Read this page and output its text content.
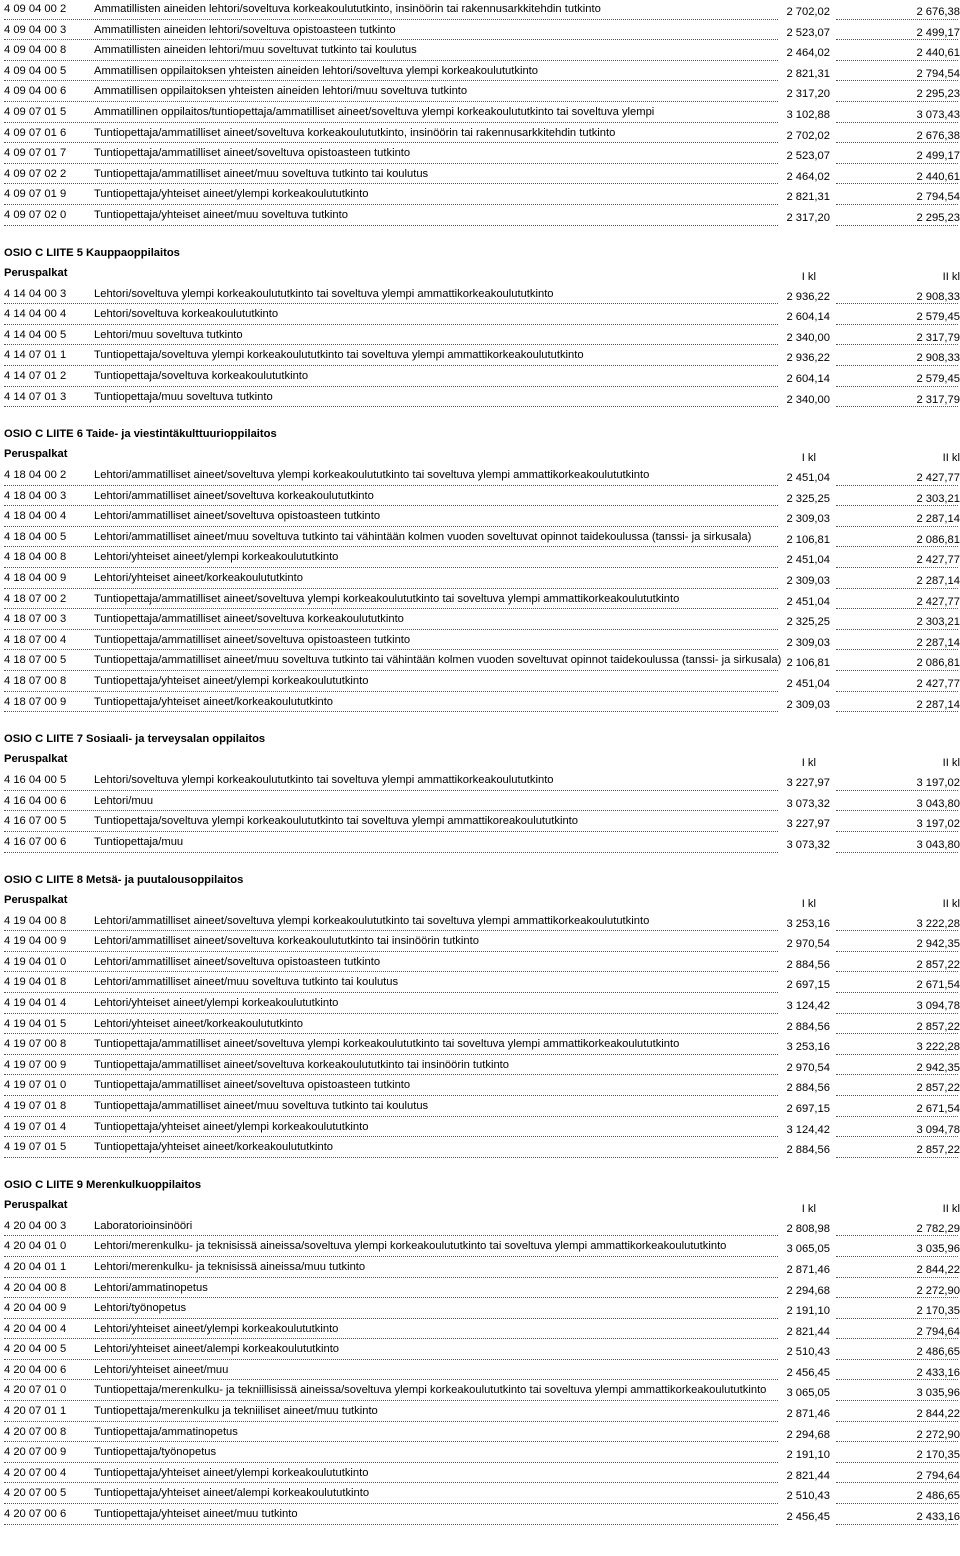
4 09 04 00 2 Ammatillisten aineiden lehtori/soveltuva korkeakoulututkinto, insinöörin tai rakennusarkkitehdin tutkinto	2 702,02	2 676,38
4 09 04 00 3 Ammatillisten aineiden lehtori/soveltuva opistoasteen tutkinto	2 523,07	2 499,17
4 09 04 00 8 Ammatillisten aineiden lehtori/muu soveltuvat tutkinto tai koulutus	2 464,02	2 440,61
4 09 04 00 5 Ammatillisen oppilaitoksen yhteisten aineiden lehtori/soveltuva ylempi korkeakoulututkinto	2 821,31	2 794,54
4 09 04 00 6 Ammatillisen oppilaitoksen yhteisten aineiden lehtori/muu soveltuva tutkinto	2 317,20	2 295,23
4 09 07 01 5 Ammatillinen oppilaitos/tuntiopettaja/ammatilliset aineet/soveltuva ylempi korkeakoulututkinto tai soveltuva ylempi	3 102,88	3 073,43
4 09 07 01 6 Tuntiopettaja/ammatilliset aineet/soveltuva korkeakoulututkinto, insinöörin tai rakennusarkkitehdin tutkinto	2 702,02	2 676,38
4 09 07 01 7 Tuntiopettaja/ammatilliset aineet/soveltuva opistoasteen tutkinto	2 523,07	2 499,17
4 09 07 02 2 Tuntiopettaja/ammatilliset aineet/muu soveltuva tutkinto tai koulutus	2 464,02	2 440,61
4 09 07 01 9 Tuntiopettaja/yhteiset aineet/ylempi korkeakoulututkinto	2 821,31	2 794,54
4 09 07 02 0 Tuntiopettaja/yhteiset aineet/muu soveltuva tutkinto	2 317,20	2 295,23
OSIO C LIITE 5 Kauppaoppilaitos
Peruspalkat	I kl	II kl
4 14 04 00 3 Lehtori/soveltuva ylempi korkeakoulututkinto tai soveltuva ylempi ammattikorkeakoulututkinto	2 936,22	2 908,33
4 14 04 00 4 Lehtori/soveltuva korkeakoulututkinto	2 604,14	2 579,45
4 14 04 00 5 Lehtori/muu soveltuva tutkinto	2 340,00	2 317,79
4 14 07 01 1 Tuntiopettaja/soveltuva ylempi korkeakoulututkinto tai soveltuva ylempi ammattikorkeakoulututkinto	2 936,22	2 908,33
4 14 07 01 2 Tuntiopettaja/soveltuva korkeakoulututkinto	2 604,14	2 579,45
4 14 07 01 3 Tuntiopettaja/muu soveltuva tutkinto	2 340,00	2 317,79
OSIO C LIITE 6 Taide- ja viestintäkulttuurioppilaitos
Peruspalkat	I kl	II kl
4 18 04 00 2 Lehtori/ammatilliset aineet/soveltuva ylempi korkeakoulututkinto tai soveltuva ylempi ammattikorkeakoulututkinto	2 451,04	2 427,77
4 18 04 00 3 Lehtori/ammatilliset aineet/soveltuva korkeakoulututkinto	2 325,25	2 303,21
4 18 04 00 4 Lehtori/ammatilliset aineet/soveltuva opistoasteen tutkinto	2 309,03	2 287,14
4 18 04 00 5 Lehtori/ammatilliset aineet/muu soveltuva tutkinto tai vähintään kolmen vuoden soveltuvat opinnot taidekoulussa (tanssi- ja sirkusala)	2 106,81	2 086,81
4 18 04 00 8 Lehtori/yhteiset aineet/ylempi korkeakoulututkinto	2 451,04	2 427,77
4 18 04 00 9 Lehtori/yhteiset aineet/korkeakoulututkinto	2 309,03	2 287,14
4 18 07 00 2 Tuntiopettaja/ammatilliset aineet/soveltuva ylempi korkeakoulututkinto tai soveltuva ylempi ammattikorkeakoulututkinto	2 451,04	2 427,77
4 18 07 00 3 Tuntiopettaja/ammatilliset aineet/soveltuva korkeakoulututkinto	2 325,25	2 303,21
4 18 07 00 4 Tuntiopettaja/ammatilliset aineet/soveltuva opistoasteen tutkinto	2 309,03	2 287,14
4 18 07 00 5 Tuntiopettaja/ammatilliset aineet/muu soveltuva tutkinto tai vähintään kolmen vuoden soveltuvat opinnot taidekoulussa (tanssi- ja sirkusala) 2 106,81	2 086,81
4 18 07 00 8 Tuntiopettaja/yhteiset aineet/ylempi korkeakoulututkinto	2 451,04	2 427,77
4 18 07 00 9 Tuntiopettaja/yhteiset aineet/korkeakoulututkinto	2 309,03	2 287,14
OSIO C LIITE 7 Sosiaali- ja terveysalan oppilaitos
Peruspalkat	I kl	II kl
4 16 04 00 5 Lehtori/soveltuva ylempi korkeakoulututkinto tai soveltuva ylempi ammattikorkeakoulututkinto	3 227,97	3 197,02
4 16 04 00 6 Lehtori/muu	3 073,32	3 043,80
4 16 07 00 5 Tuntiopettaja/soveltuva ylempi korkeakoulututkinto tai soveltuva ylempi ammattikoreakoulututkinto	3 227,97	3 197,02
4 16 07 00 6 Tuntiopettaja/muu	3 073,32	3 043,80
OSIO C LIITE 8 Metsä- ja puutalousoppilaitos
Peruspalkat	I kl	II kl
4 19 04 00 8 Lehtori/ammatilliset aineet/soveltuva ylempi korkeakoulututkinto tai soveltuva ylempi ammattikorkeakoulututkinto	3 253,16	3 222,28
4 19 04 00 9 Lehtori/ammatilliset aineet/soveltuva korkeakoulututkinto tai insinöörin tutkinto	2 970,54	2 942,35
4 19 04 01 0 Lehtori/ammatilliset aineet/soveltuva opistoasteen tutkinto	2 884,56	2 857,22
4 19 04 01 8 Lehtori/ammatilliset aineet/muu soveltuva tutkinto tai koulutus	2 697,15	2 671,54
4 19 04 01 4 Lehtori/yhteiset aineet/ylempi korkeakoulututkinto	3 124,42	3 094,78
4 19 04 01 5 Lehtori/yhteiset aineet/korkeakoulututkinto	2 884,56	2 857,22
4 19 07 00 8 Tuntiopettaja/ammatilliset aineet/soveltuva ylempi korkeakoulututkinto tai soveltuva ylempi ammattikorkeakoulututkinto	3 253,16	3 222,28
4 19 07 00 9 Tuntiopettaja/ammatilliset aineet/soveltuva korkeakoulututkinto tai insinöörin tutkinto	2 970,54	2 942,35
4 19 07 01 0 Tuntiopettaja/ammatilliset aineet/soveltuva opistoasteen tutkinto	2 884,56	2 857,22
4 19 07 01 8 Tuntiopettaja/ammatilliset aineet/muu soveltuva tutkinto tai koulutus	2 697,15	2 671,54
4 19 07 01 4 Tuntiopettaja/yhteiset aineet/ylempi korkeakoulututkinto	3 124,42	3 094,78
4 19 07 01 5 Tuntiopettaja/yhteiset aineet/korkeakoulututkinto	2 884,56	2 857,22
OSIO C LIITE 9 Merenkulkuoppilaitos
Peruspalkat	I kl	II kl
4 20 04 00 3 Laboratorioinsinööri	2 808,98	2 782,29
4 20 04 01 0 Lehtori/merenkulku- ja teknisissä aineissa/soveltuva ylempi korkeakoulututkinto tai soveltuva ylempi ammattikorkeakoulututkinto	3 065,05	3 035,96
4 20 04 01 1 Lehtori/merenkulku- ja teknisissä aineissa/muu tutkinto	2 871,46	2 844,22
4 20 04 00 8 Lehtori/ammatinopetus	2 294,68	2 272,90
4 20 04 00 9 Lehtori/työnopetus	2 191,10	2 170,35
4 20 04 00 4 Lehtori/yhteiset aineet/ylempi korkeakoulututkinto	2 821,44	2 794,64
4 20 04 00 5 Lehtori/yhteiset aineet/alempi korkeakoulututkinto	2 510,43	2 486,65
4 20 04 00 6 Lehtori/yhteiset aineet/muu	2 456,45	2 433,16
4 20 07 01 0 Tuntiopettaja/merenkulku- ja tekniillisissä aineissa/soveltuva ylempi korkeakoulututkinto tai soveltuva ylempi ammattikorkeakoulututkinto 3 065,05	3 035,96
4 20 07 01 1 Tuntiopettaja/merenkulku ja tekniiliset aineet/muu tutkinto	2 871,46	2 844,22
4 20 07 00 8 Tuntiopettaja/ammatinopetus	2 294,68	2 272,90
4 20 07 00 9 Tuntiopettaja/työnopetus	2 191,10	2 170,35
4 20 07 00 4 Tuntiopettaja/yhteiset aineet/ylempi korkeakoulututkinto	2 821,44	2 794,64
4 20 07 00 5 Tuntiopettaja/yhteiset aineet/alempi korkeakoulututkinto	2 510,43	2 486,65
4 20 07 00 6 Tuntiopettaja/yhteiset aineet/muu tutkinto	2 456,45	2 433,16
